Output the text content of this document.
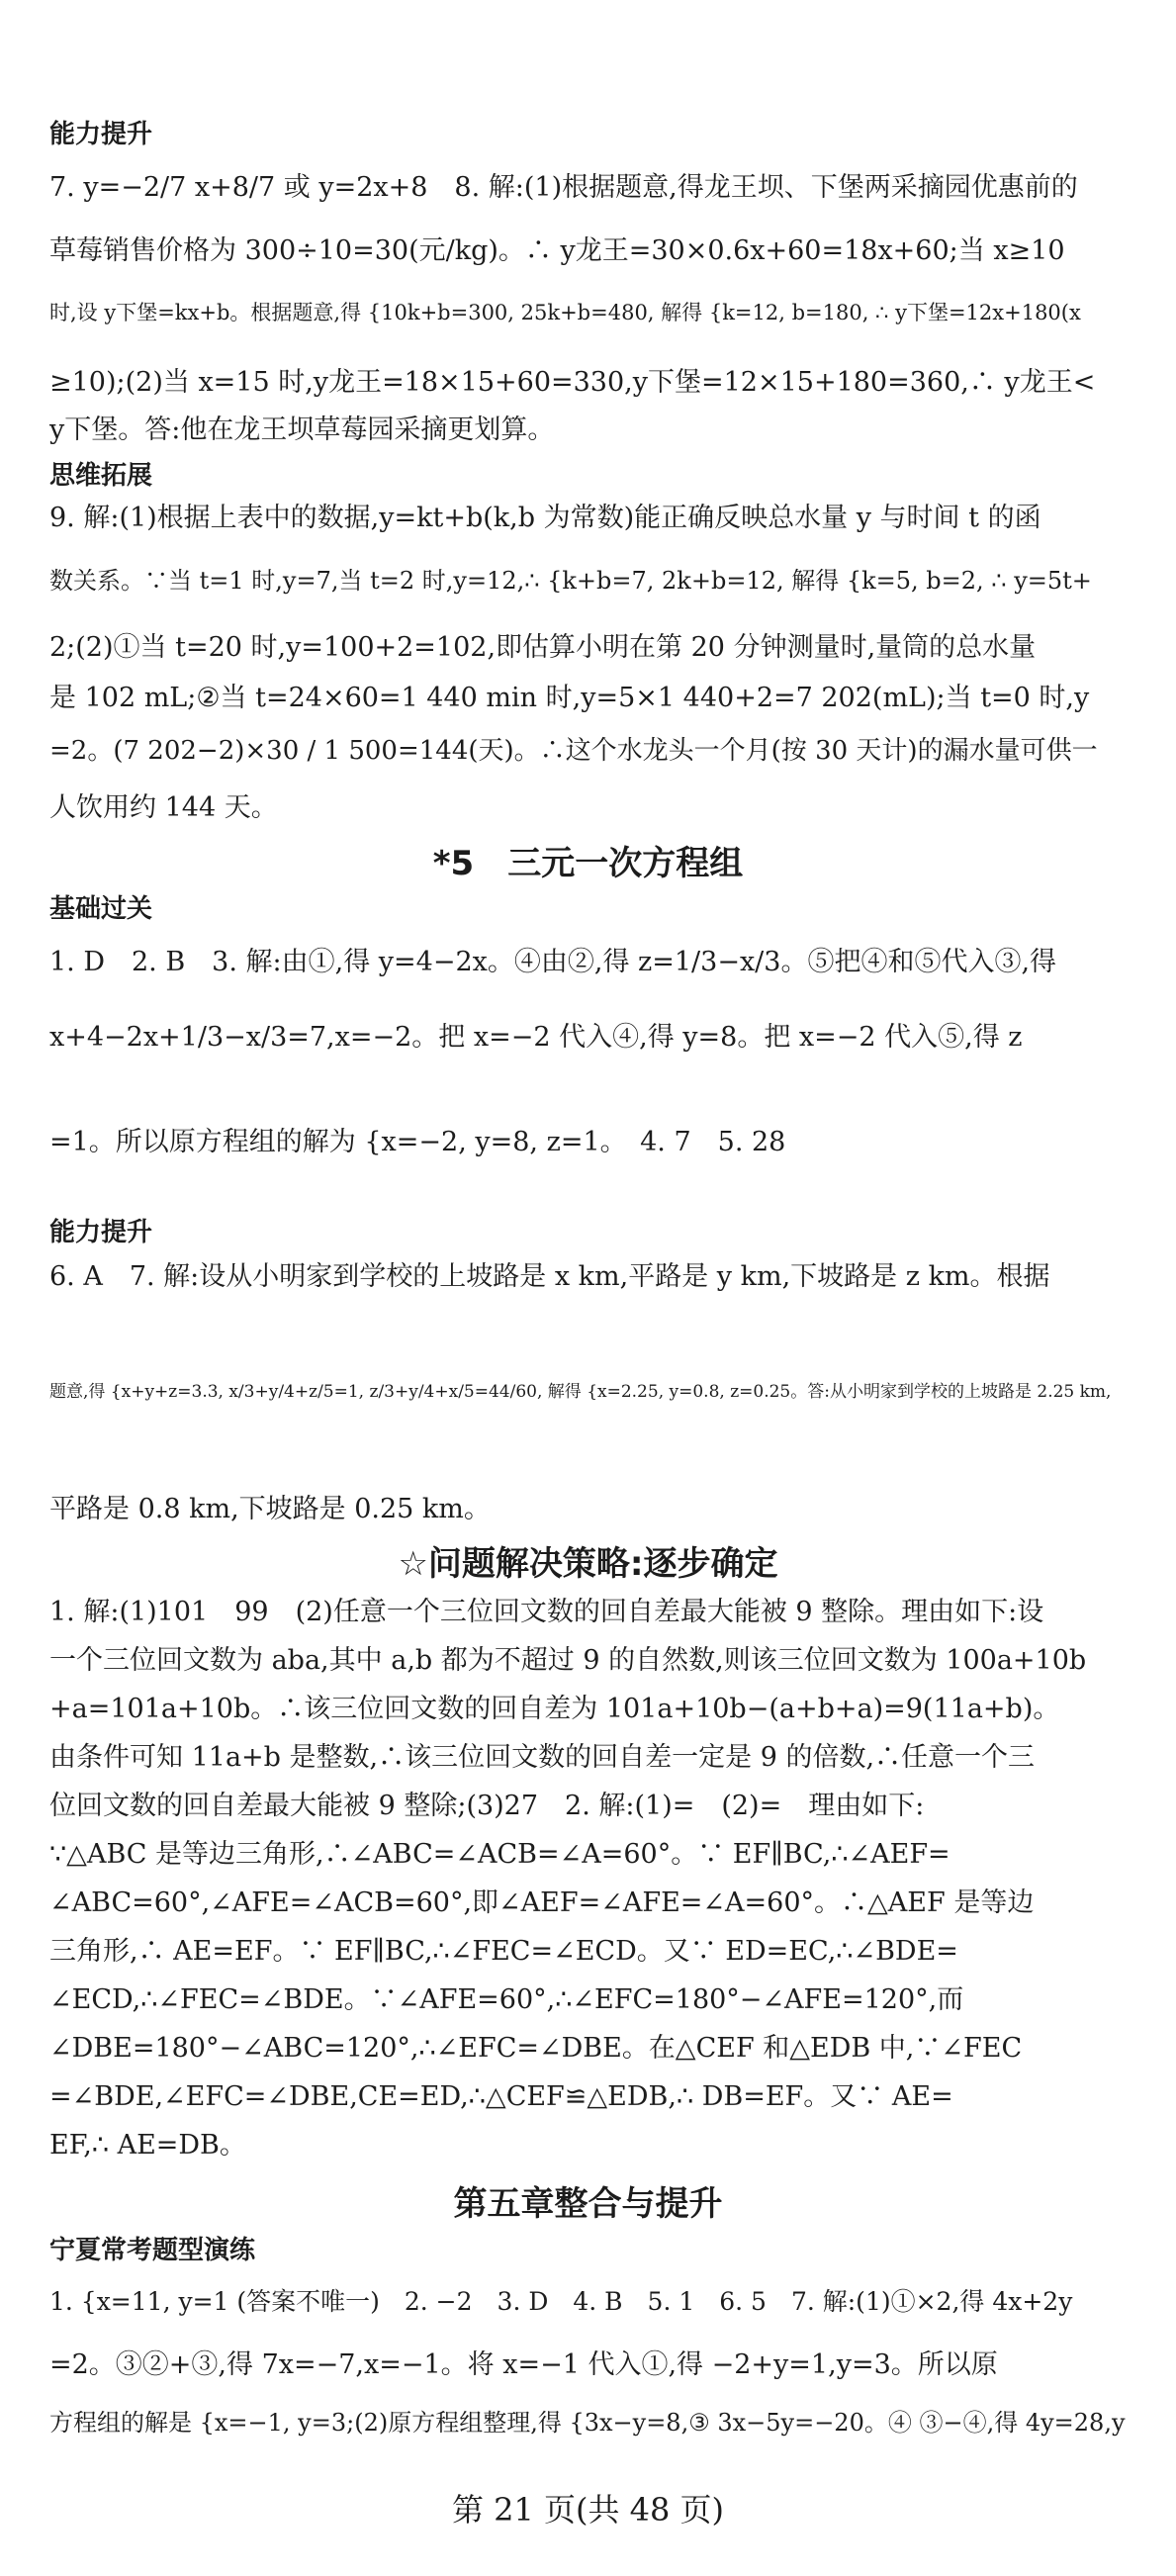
能力提升
7. y=−2/7 x+8/7 或 y=2x+8　8. 解:(1)根据题意,得龙王坝、下堡两采摘园优惠前的
草莓销售价格为 300÷10=30(元/kg)。∴ y龙王=30×0.6x+60=18x+60;当 x≥10
时,设 y下堡=kx+b。根据题意,得 {10k+b=300, 25k+b=480, 解得 {k=12, b=180, ∴ y下堡=12x+180(x
≥10);(2)当 x=15 时,y龙王=18×15+60=330,y下堡=12×15+180=360,∴ y龙王<
y下堡。答:他在龙王坝草莓园采摘更划算。
思维拓展
9. 解:(1)根据上表中的数据,y=kt+b(k,b 为常数)能正确反映总水量 y 与时间 t 的函
数关系。∵当 t=1 时,y=7,当 t=2 时,y=12,∴ {k+b=7, 2k+b=12, 解得 {k=5, b=2, ∴ y=5t+
2;(2)①当 t=20 时,y=100+2=102,即估算小明在第 20 分钟测量时,量筒的总水量
是 102 mL;②当 t=24×60=1 440 min 时,y=5×1 440+2=7 202(mL);当 t=0 时,y
=2。(7 202−2)×30 / 1 500=144(天)。∴这个水龙头一个月(按 30 天计)的漏水量可供一
人饮用约 144 天。
*5　三元一次方程组
基础过关
1. D　2. B　3. 解:由①,得 y=4−2x。④由②,得 z=1/3−x/3。⑤把④和⑤代入③,得
x+4−2x+1/3−x/3=7,x=−2。把 x=−2 代入④,得 y=8。把 x=−2 代入⑤,得 z
=1。所以原方程组的解为 {x=−2, y=8, z=1。　4. 7　5. 28
能力提升
6. A　7. 解:设从小明家到学校的上坡路是 x km,平路是 y km,下坡路是 z km。根据
题意,得 {x+y+z=3.3, x/3+y/4+z/5=1, z/3+y/4+x/5=44/60, 解得 {x=2.25, y=0.8, z=0.25。答:从小明家到学校的上坡路是 2.25 km,
平路是 0.8 km,下坡路是 0.25 km。
☆问题解决策略:逐步确定
1. 解:(1)101　99　(2)任意一个三位回文数的回自差最大能被 9 整除。理由如下:设
一个三位回文数为 aba,其中 a,b 都为不超过 9 的自然数,则该三位回文数为 100a+10b
+a=101a+10b。∴该三位回文数的回自差为 101a+10b−(a+b+a)=9(11a+b)。
由条件可知 11a+b 是整数,∴该三位回文数的回自差一定是 9 的倍数,∴任意一个三
位回文数的回自差最大能被 9 整除;(3)27　2. 解:(1)=　(2)=　理由如下:
∵△ABC 是等边三角形,∴∠ABC=∠ACB=∠A=60°。∵ EF∥BC,∴∠AEF=
∠ABC=60°,∠AFE=∠ACB=60°,即∠AEF=∠AFE=∠A=60°。∴△AEF 是等边
三角形,∴ AE=EF。∵ EF∥BC,∴∠FEC=∠ECD。又∵ ED=EC,∴∠BDE=
∠ECD,∴∠FEC=∠BDE。∵∠AFE=60°,∴∠EFC=180°−∠AFE=120°,而
∠DBE=180°−∠ABC=120°,∴∠EFC=∠DBE。在△CEF 和△EDB 中,∵∠FEC
=∠BDE,∠EFC=∠DBE,CE=ED,∴△CEF≌△EDB,∴ DB=EF。又∵ AE=
EF,∴ AE=DB。
第五章整合与提升
宁夏常考题型演练
1. {x=11, y=1 (答案不唯一)　2. −2　3. D　4. B　5. 1　6. 5　7. 解:(1)①×2,得 4x+2y
=2。③②+③,得 7x=−7,x=−1。将 x=−1 代入①,得 −2+y=1,y=3。所以原
方程组的解是 {x=−1, y=3;(2)原方程组整理,得 {3x−y=8,③ 3x−5y=−20。④ ③−④,得 4y=28,y
第 21 页(共 48 页)
